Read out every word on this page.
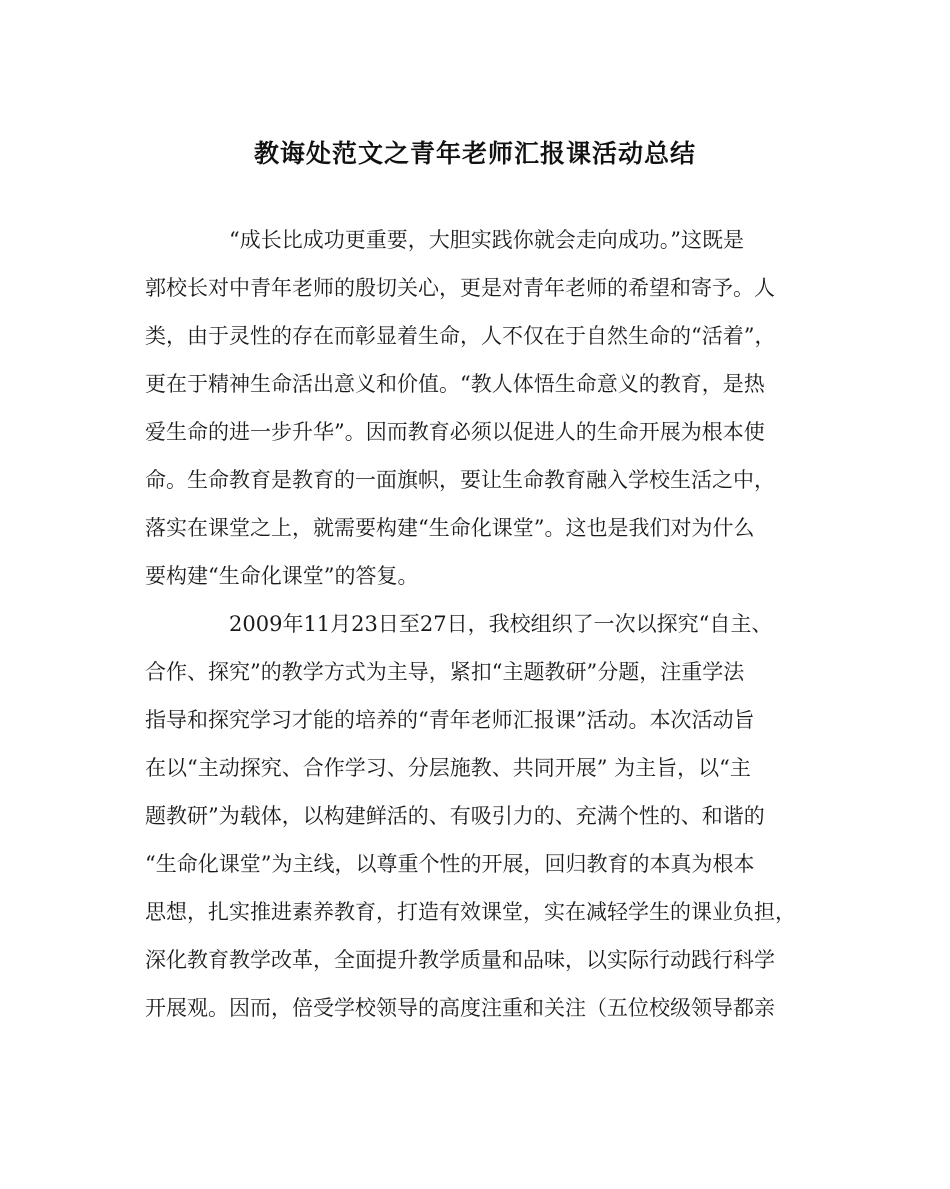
教诲处范文之青年老师汇报课活动总结
“成长比成功更重要，大胆实践你就会走向成功。”这既是
郭校长对中青年老师的殷切关心，更是对青年老师的希望和寄予。人
类，由于灵性的存在而彰显着生命，人不仅在于自然生命的“活着”，
更在于精神生命活出意义和价值。“教人体悟生命意义的教育，是热
爱生命的进一步升华”。因而教育必须以促进人的生命开展为根本使
命。生命教育是教育的一面旗帜，要让生命教育融入学校生活之中，
落实在课堂之上，就需要构建“生命化课堂”。这也是我们对为什么
要构建“生命化课堂”的答复。
2009年11月23日至27日，我校组织了一次以探究“自主、
合作、探究”的教学方式为主导，紧扣“主题教研”分题，注重学法
指导和探究学习才能的培养的“青年老师汇报课”活动。本次活动旨
在以“主动探究、合作学习、分层施教、共同开展” 为主旨，以“主
题教研”为载体，以构建鲜活的、有吸引力的、充满个性的、和谐的
“生命化课堂”为主线，以尊重个性的开展，回归教育的本真为根本
思想，扎实推进素养教育，打造有效课堂，实在减轻学生的课业负担，
深化教育教学改革，全面提升教学质量和品味，以实际行动践行科学
开展观。因而，倍受学校领导的高度注重和关注（五位校级领导都亲
